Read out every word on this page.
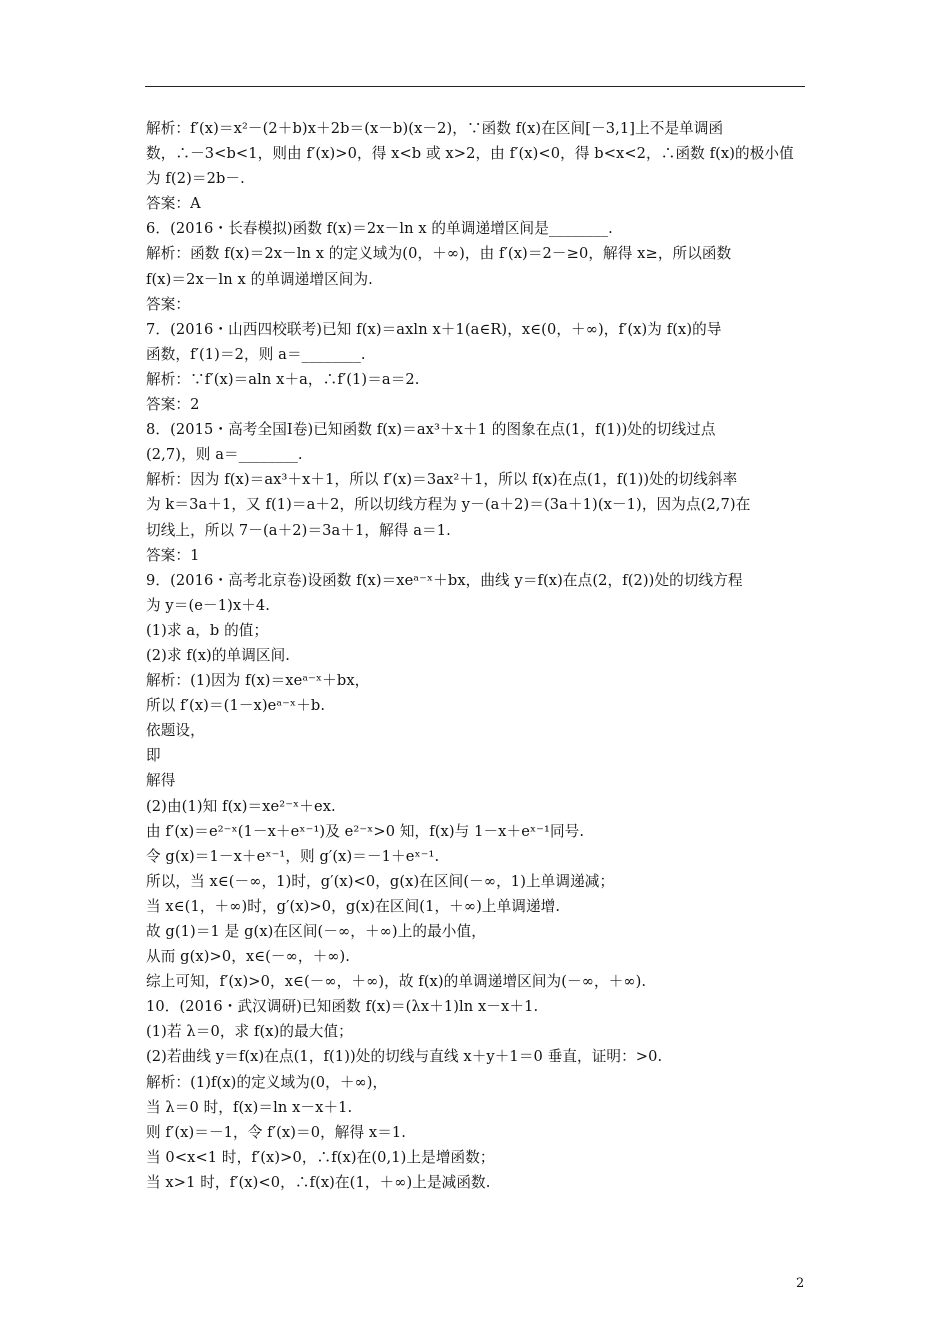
解析：f′(x)＝x²－(2＋b)x＋2b＝(x－b)(x－2)，∵函数 f(x)在区间[－3,1]上不是单调函
数，∴－3<b<1，则由 f′(x)>0，得 x<b 或 x>2，由 f′(x)<0，得 b<x<2，∴函数 f(x)的极小值
为 f(2)＝2b－.
答案：A
6．(2016・长春模拟)函数 f(x)＝2x－ln x 的单调递增区间是________.
解析：函数 f(x)＝2x－ln x 的定义域为(0，＋∞)，由 f′(x)＝2－≥0，解得 x≥，所以函数
f(x)＝2x－ln x 的单调递增区间为.
答案：
7．(2016・山西四校联考)已知 f(x)＝axln x＋1(a∈R)，x∈(0，＋∞)，f′(x)为 f(x)的导
函数，f′(1)＝2，则 a＝________.
解析：∵f′(x)＝aln x＋a，∴f′(1)＝a＝2.
答案：2
8．(2015・高考全国Ⅰ卷)已知函数 f(x)＝ax³＋x＋1 的图象在点(1，f(1))处的切线过点
(2,7)，则 a＝________.
解析：因为 f(x)＝ax³＋x＋1，所以 f′(x)＝3ax²＋1，所以 f(x)在点(1，f(1))处的切线斜率
为 k＝3a＋1，又 f(1)＝a＋2，所以切线方程为 y－(a＋2)＝(3a＋1)(x－1)，因为点(2,7)在
切线上，所以 7－(a＋2)＝3a＋1，解得 a＝1.
答案：1
9．(2016・高考北京卷)设函数 f(x)＝xeᵃ⁻ˣ＋bx，曲线 y＝f(x)在点(2，f(2))处的切线方程
为 y＝(e－1)x＋4.
(1)求 a，b 的值；
(2)求 f(x)的单调区间.
解析：(1)因为 f(x)＝xeᵃ⁻ˣ＋bx，
所以 f′(x)＝(1－x)eᵃ⁻ˣ＋b.
依题设，
即
解得
(2)由(1)知 f(x)＝xe²⁻ˣ＋ex.
由 f′(x)＝e²⁻ˣ(1－x＋eˣ⁻¹)及 e²⁻ˣ>0 知，f(x)与 1－x＋eˣ⁻¹同号.
令 g(x)＝1－x＋eˣ⁻¹，则 g′(x)＝－1＋eˣ⁻¹.
所以，当 x∈(－∞，1)时，g′(x)<0，g(x)在区间(－∞，1)上单调递减；
当 x∈(1，＋∞)时，g′(x)>0，g(x)在区间(1，＋∞)上单调递增.
故 g(1)＝1 是 g(x)在区间(－∞，＋∞)上的最小值，
从而 g(x)>0，x∈(－∞，＋∞).
综上可知，f′(x)>0，x∈(－∞，＋∞)，故 f(x)的单调递增区间为(－∞，＋∞).
10．(2016・武汉调研)已知函数 f(x)＝(λx＋1)ln x－x＋1.
(1)若 λ＝0，求 f(x)的最大值；
(2)若曲线 y＝f(x)在点(1，f(1))处的切线与直线 x＋y＋1＝0 垂直，证明：>0.
解析：(1)f(x)的定义域为(0，＋∞)，
当 λ＝0 时，f(x)＝ln x－x＋1.
则 f′(x)＝－1，令 f′(x)＝0，解得 x＝1.
当 0<x<1 时，f′(x)>0，∴f(x)在(0,1)上是增函数；
当 x>1 时，f′(x)<0，∴f(x)在(1，＋∞)上是减函数.
2
